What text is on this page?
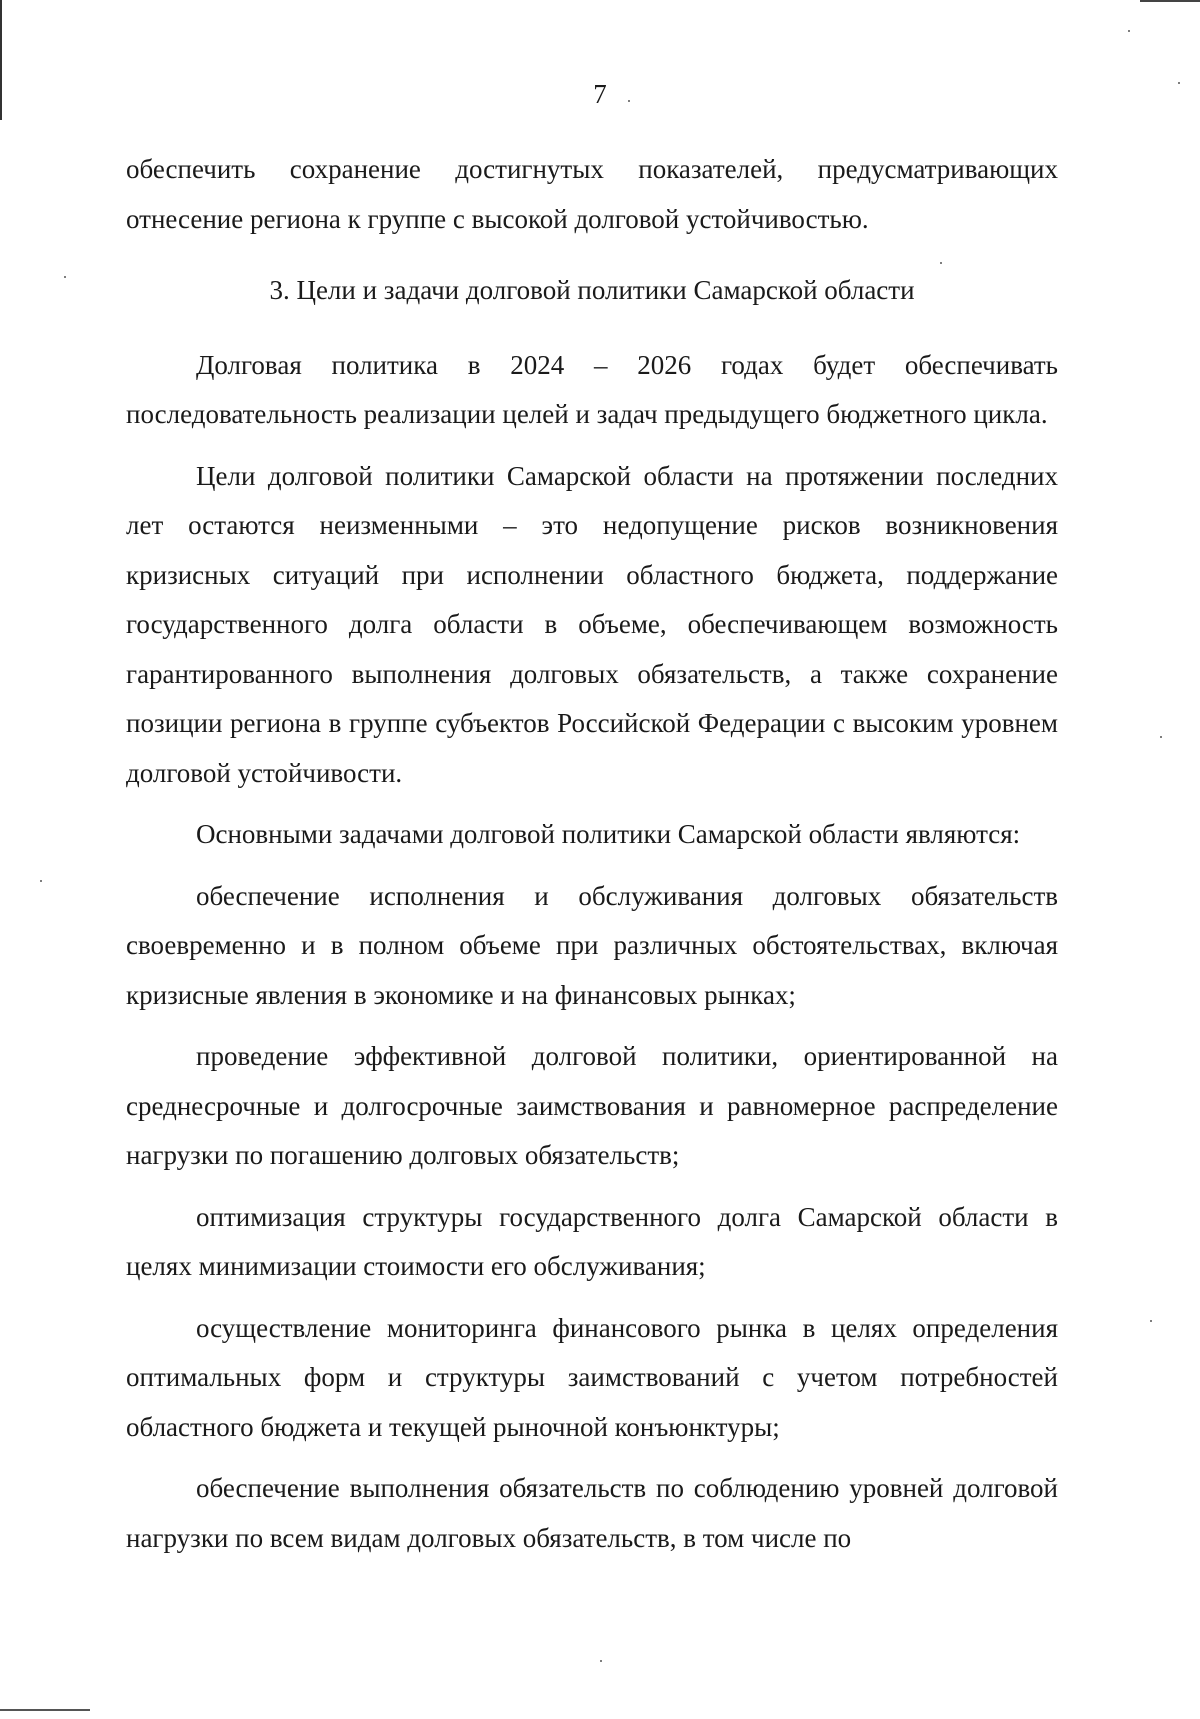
7

обеспечить сохранение достигнутых показателей, предусматривающих отнесение региона к группе с высокой долговой устойчивостью.

3. Цели и задачи долговой политики Самарской области

Долговая политика в 2024 – 2026 годах будет обеспечивать последовательность реализации целей и задач предыдущего бюджетного цикла.

Цели долговой политики Самарской области на протяжении последних лет остаются неизменными – это недопущение рисков возникновения кризисных ситуаций при исполнении областного бюджета, поддержание государственного долга области в объеме, обеспечивающем возможность гарантированного выполнения долговых обязательств, а также сохранение позиции региона в группе субъектов Российской Федерации с высоким уровнем долговой устойчивости.

Основными задачами долговой политики Самарской области являются:

обеспечение исполнения и обслуживания долговых обязательств своевременно и в полном объеме при различных обстоятельствах, включая кризисные явления в экономике и на финансовых рынках;

проведение эффективной долговой политики, ориентированной на среднесрочные и долгосрочные заимствования и равномерное распределение нагрузки по погашению долговых обязательств;

оптимизация структуры государственного долга Самарской области в целях минимизации стоимости его обслуживания;

осуществление мониторинга финансового рынка в целях определения оптимальных форм и структуры заимствований с учетом потребностей областного бюджета и текущей рыночной конъюнктуры;

обеспечение выполнения обязательств по соблюдению уровней долговой нагрузки по всем видам долговых обязательств, в том числе по
